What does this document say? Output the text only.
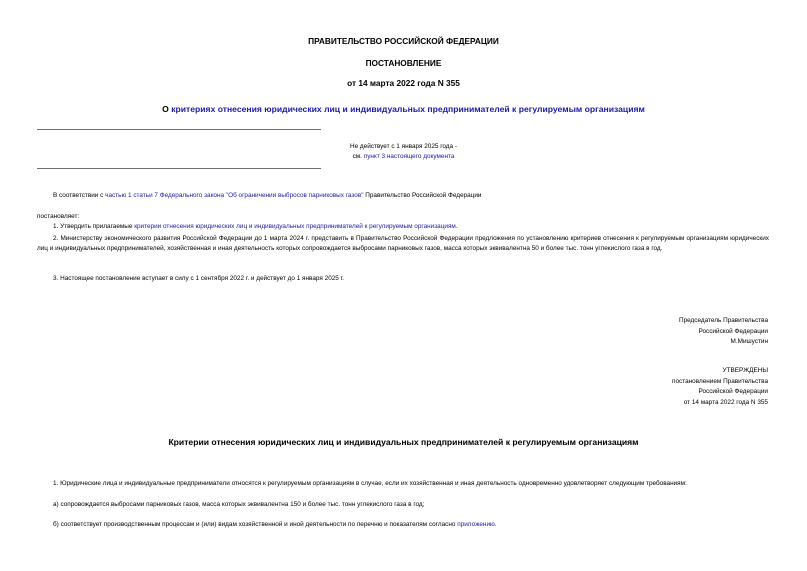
ПРАВИТЕЛЬСТВО РОССИЙСКОЙ ФЕДЕРАЦИИ
ПОСТАНОВЛЕНИЕ
от 14 марта 2022 года N 355
О критериях отнесения юридических лиц и индивидуальных предпринимателей к регулируемым организациям
Не действует с 1 января 2025 года -
см. пункт 3 настоящего документа
В соответствии с частью 1 статьи 7 Федерального закона "Об ограничении выбросов парниковых газов" Правительство Российской Федерации
постановляет:
1. Утвердить прилагаемые критерии отнесения юридических лиц и индивидуальных предпринимателей к регулируемым организациям.
2. Министерству экономического развития Российской Федерации до 1 марта 2024 г. представить в Правительство Российской Федерации предложения по установлению критериев отнесения к регулируемым организациям юридических лиц и индивидуальных предпринимателей, хозяйственная и иная деятельность которых сопровождается выбросами парниковых газов, масса которых эквивалентна 50 и более тыс. тонн углекислого газа в год.
3. Настоящее постановление вступает в силу с 1 сентября 2022 г. и действует до 1 января 2025 г.
Председатель Правительства
Российской Федерации
М.Мишустин
УТВЕРЖДЕНЫ
постановлением Правительства
Российской Федерации
от 14 марта 2022 года N 355
Критерии отнесения юридических лиц и индивидуальных предпринимателей к регулируемым организациям
1. Юридические лица и индивидуальные предприниматели относятся к регулируемым организациям в случае, если их хозяйственная и иная деятельность одновременно удовлетворяет следующим требованиям:
а) сопровождается выбросами парниковых газов, масса которых эквивалентна 150 и более тыс. тонн углекислого газа в год;
б) соответствует производственным процессам и (или) видам хозяйственной и иной деятельности по перечню и показателям согласно приложению.
